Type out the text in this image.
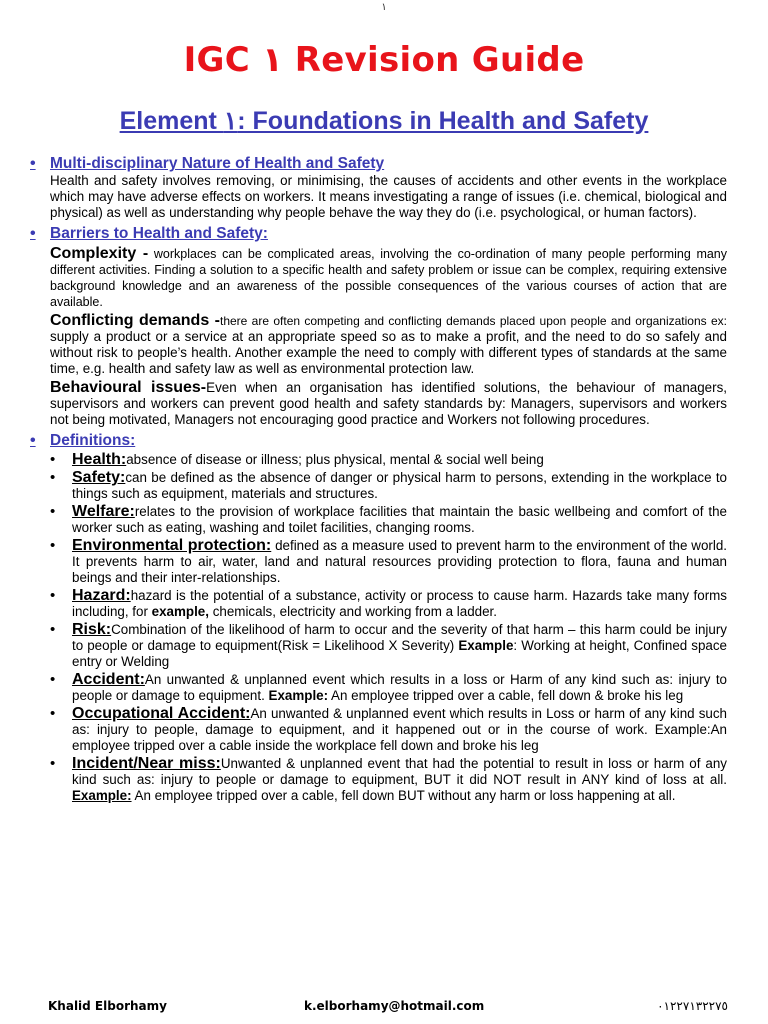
١
IGC ١ Revision Guide
Element ١: Foundations in Health and Safety
• Multi-disciplinary Nature of Health and Safety
Health and safety involves removing, or minimising, the causes of accidents and other events in the workplace which may have adverse effects on workers. It means investigating a range of issues (i.e. chemical, biological and physical) as well as understanding why people behave the way they do (i.e. psychological, or human factors).
• Barriers to Health and Safety:
Complexity - workplaces can be complicated areas, involving the co-ordination of many people performing many different activities. Finding a solution to a specific health and safety problem or issue can be complex, requiring extensive background knowledge and an awareness of the possible consequences of the various courses of action that are available.
Conflicting demands -there are often competing and conflicting demands placed upon people and organizations ex: supply a product or a service at an appropriate speed so as to make a profit, and the need to do so safely and without risk to people’s health. Another example the need to comply with different types of standards at the same time, e.g. health and safety law as well as environmental protection law.
Behavioural issues-Even when an organisation has identified solutions, the behaviour of managers, supervisors and workers can prevent good health and safety standards by: Managers, supervisors and workers not being motivated, Managers not encouraging good practice and Workers not following procedures.
• Definitions:
• Health:absence of disease or illness; plus physical, mental & social well being
• Safety:can be defined as the absence of danger or physical harm to persons, extending in the workplace to things such as equipment, materials and structures.
• Welfare:relates to the provision of workplace facilities that maintain the basic wellbeing and comfort of the worker such as eating, washing and toilet facilities, changing rooms.
• Environmental protection: defined as a measure used to prevent harm to the environment of the world. It prevents harm to air, water, land and natural resources providing protection to flora, fauna and human beings and their inter-relationships.
• Hazard:hazard is the potential of a substance, activity or process to cause harm. Hazards take many forms including, for example, chemicals, electricity and working from a ladder.
• Risk:Combination of the likelihood of harm to occur and the severity of that harm – this harm could be injury to people or damage to equipment(Risk = Likelihood X Severity) Example: Working at height, Confined space entry or Welding
• Accident:An unwanted & unplanned event which results in a loss or Harm of any kind such as: injury to people or damage to equipment. Example: An employee tripped over a cable, fell down & broke his leg
• Occupational Accident:An unwanted & unplanned event which results in Loss or harm of any kind such as: injury to people, damage to equipment, and it happened out or in the course of work. Example:An employee tripped over a cable inside the workplace fell down and broke his leg
• Incident/Near miss:Unwanted & unplanned event that had the potential to result in loss or harm of any kind such as: injury to people or damage to equipment, BUT it did NOT result in ANY kind of loss at all. Example: An employee tripped over a cable, fell down BUT without any harm or loss happening at all.
Khalid Elborhamy	k.elborhamy@hotmail.com	٠١٢٢٧١٣٢٢٧٥
